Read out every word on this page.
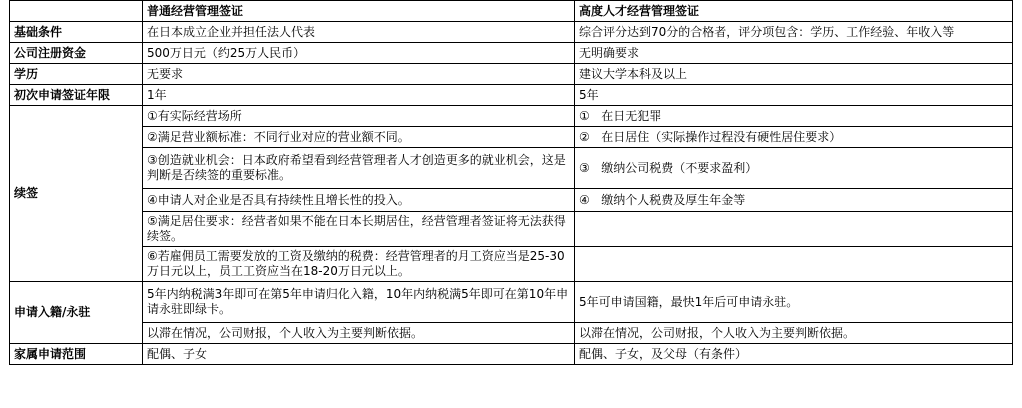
	普通经营管理签证	高度人才经营管理签证
基础条件	在日本成立企业并担任法人代表	综合评分达到70分的合格者，评分项包含：学历、工作经验、年收入等
公司注册资金	500万日元（约25万人民币）	无明确要求
学历	无要求	建议大学本科及以上
初次申请签证年限	1年	5年
续签	①有实际经营场所	①   在日无犯罪
	②满足营业额标准：不同行业对应的营业额不同。	②   在日居住（实际操作过程没有硬性居住要求）
	③创造就业机会：日本政府希望看到经营管理者人才创造更多的就业机会，这是判断是否续签的重要标准。	③   缴纳公司税费（不要求盈利）
	④申请人对企业是否具有持续性且增长性的投入。	④   缴纳个人税费及厚生年金等
	⑤满足居住要求：经营者如果不能在日本长期居住，经营管理者签证将无法获得续签。	
	⑥若雇佣员工需要发放的工资及缴纳的税费：经营管理者的月工资应当是25-30万日元以上，员工工资应当在18-20万日元以上。	
申请入籍/永驻	5年内纳税满3年即可在第5年申请归化入籍，10年内纳税满5年即可在第10年申请永驻即绿卡。	5年可申请国籍，最快1年后可申请永驻。
	以滞在情况，公司财报，个人收入为主要判断依据。	以滞在情况，公司财报，个人收入为主要判断依据。
家属申请范围	配偶、子女	配偶、子女，及父母（有条件）
